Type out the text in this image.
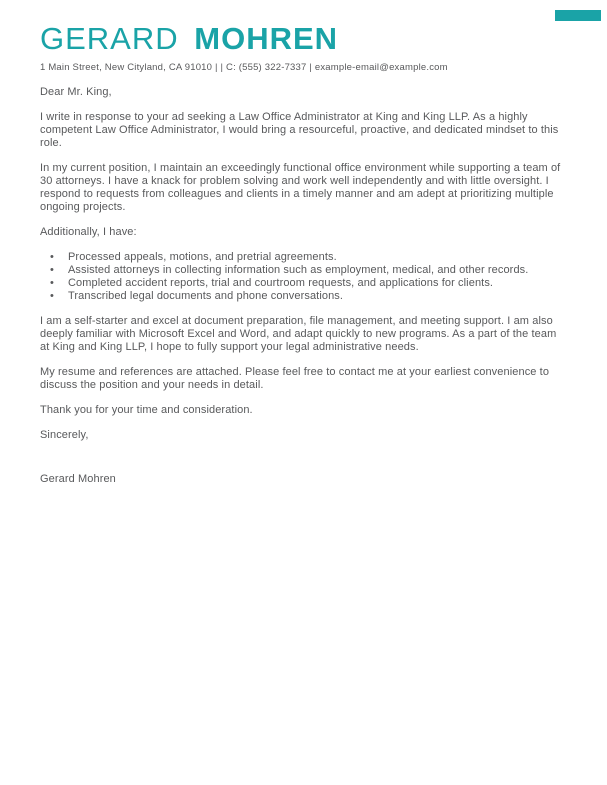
GERARD MOHREN
1 Main Street, New Cityland, CA 91010 | | C: (555) 322-7337 | example-email@example.com
Dear Mr. King,

I write in response to your ad seeking a Law Office Administrator at King and King LLP. As a highly competent Law Office Administrator, I would bring a resourceful, proactive, and dedicated mindset to this role.

In my current position, I maintain an exceedingly functional office environment while supporting a team of 30 attorneys. I have a knack for problem solving and work well independently and with little oversight. I respond to requests from colleagues and clients in a timely manner and am adept at prioritizing multiple ongoing projects.

Additionally, I have:

• Processed appeals, motions, and pretrial agreements.
• Assisted attorneys in collecting information such as employment, medical, and other records.
• Completed accident reports, trial and courtroom requests, and applications for clients.
• Transcribed legal documents and phone conversations.

I am a self-starter and excel at document preparation, file management, and meeting support. I am also deeply familiar with Microsoft Excel and Word, and adapt quickly to new programs. As a part of the team at King and King LLP, I hope to fully support your legal administrative needs.

My resume and references are attached. Please feel free to contact me at your earliest convenience to discuss the position and your needs in detail.

Thank you for your time and consideration.

Sincerely,
Gerard Mohren
